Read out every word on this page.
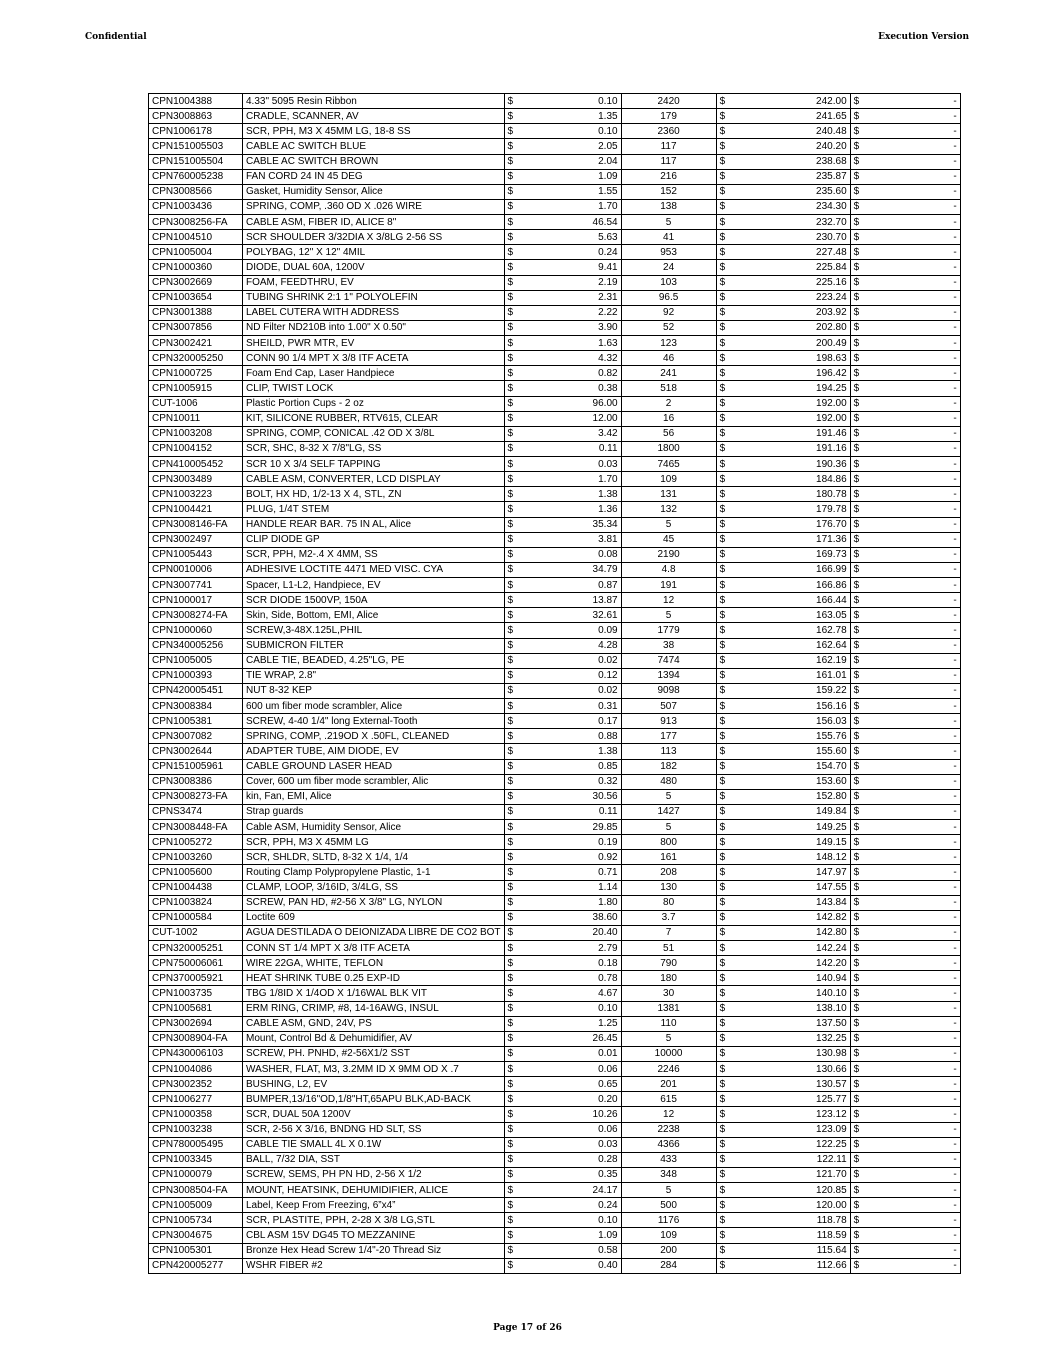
Confidential	Execution Version
CPN1004388	4.33" 5095 Resin Ribbon	$	0.10	2420	$	242.00	$	-
CPN3008863	CRADLE, SCANNER, AV	$	1.35	179	$	241.65	$	-
CPN1006178	SCR, PPH, M3 X 45MM LG, 18-8 SS	$	0.10	2360	$	240.48	$	-
CPN151005503	CABLE AC SWITCH BLUE	$	2.05	117	$	240.20	$	-
CPN151005504	CABLE AC SWITCH BROWN	$	2.04	117	$	238.68	$	-
CPN760005238	FAN CORD 24 IN 45 DEG	$	1.09	216	$	235.87	$	-
CPN3008566	Gasket, Humidity Sensor, Alice	$	1.55	152	$	235.60	$	-
CPN1003436	SPRING, COMP, .360 OD X .026 WIRE	$	1.70	138	$	234.30	$	-
CPN3008256-FA	CABLE ASM, FIBER ID, ALICE 8"	$	46.54	5	$	232.70	$	-
CPN1004510	SCR SHOULDER 3/32DIA X 3/8LG 2-56 SS	$	5.63	41	$	230.70	$	-
CPN1005004	POLYBAG, 12" X 12" 4MIL	$	0.24	953	$	227.48	$	-
CPN1000360	DIODE, DUAL 60A, 1200V	$	9.41	24	$	225.84	$	-
CPN3002669	FOAM, FEEDTHRU, EV	$	2.19	103	$	225.16	$	-
CPN1003654	TUBING SHRINK 2:1 1" POLYOLEFIN	$	2.31	96.5	$	223.24	$	-
CPN3001388	LABEL CUTERA WITH ADDRESS	$	2.22	92	$	203.92	$	-
CPN3007856	ND Filter ND210B into 1.00" X 0.50"	$	3.90	52	$	202.80	$	-
CPN3002421	SHEILD, PWR MTR, EV	$	1.63	123	$	200.49	$	-
CPN320005250	CONN 90 1/4 MPT X 3/8 ITF ACETA	$	4.32	46	$	198.63	$	-
CPN1000725	Foam End Cap, Laser Handpiece	$	0.82	241	$	196.42	$	-
CPN1005915	CLIP, TWIST LOCK	$	0.38	518	$	194.25	$	-
CUT-1006	Plastic Portion Cups - 2 oz	$	96.00	2	$	192.00	$	-
CPN10011	KIT, SILICONE RUBBER, RTV615, CLEAR	$	12.00	16	$	192.00	$	-
CPN1003208	SPRING, COMP, CONICAL .42 OD X 3/8L	$	3.42	56	$	191.46	$	-
CPN1004152	SCR, SHC, 8-32 X 7/8"LG, SS	$	0.11	1800	$	191.16	$	-
CPN410005452	SCR 10 X 3/4 SELF TAPPING	$	0.03	7465	$	190.36	$	-
CPN3003489	CABLE ASM, CONVERTER, LCD DISPLAY	$	1.70	109	$	184.86	$	-
CPN1003223	BOLT, HX HD, 1/2-13 X 4, STL, ZN	$	1.38	131	$	180.78	$	-
CPN1004421	PLUG, 1/4T STEM	$	1.36	132	$	179.78	$	-
CPN3008146-FA	HANDLE REAR BAR. 75 IN AL, Alice	$	35.34	5	$	176.70	$	-
CPN3002497	CLIP DIODE GP	$	3.81	45	$	171.36	$	-
CPN1005443	SCR, PPH, M2-.4 X 4MM, SS	$	0.08	2190	$	169.73	$	-
CPN0010006	ADHESIVE LOCTITE 4471 MED VISC. CYA	$	34.79	4.8	$	166.99	$	-
CPN3007741	Spacer, L1-L2, Handpiece, EV	$	0.87	191	$	166.86	$	-
CPN1000017	SCR DIODE 1500VP, 150A	$	13.87	12	$	166.44	$	-
CPN3008274-FA	Skin, Side, Bottom, EMI, Alice	$	32.61	5	$	163.05	$	-
CPN1000060	SCREW,3-48X.125L,PHIL	$	0.09	1779	$	162.78	$	-
CPN340005256	SUBMICRON FILTER	$	4.28	38	$	162.64	$	-
CPN1005005	CABLE TIE, BEADED, 4.25"LG, PE	$	0.02	7474	$	162.19	$	-
CPN1000393	TIE WRAP, 2.8"	$	0.12	1394	$	161.01	$	-
CPN420005451	NUT 8-32 KEP	$	0.02	9098	$	159.22	$	-
CPN3008384	600 um fiber mode scrambler, Alice	$	0.31	507	$	156.16	$	-
CPN1005381	SCREW, 4-40 1/4" long External-Tooth	$	0.17	913	$	156.03	$	-
CPN3007082	SPRING, COMP, .219OD X .50FL, CLEANED	$	0.88	177	$	155.76	$	-
CPN3002644	ADAPTER TUBE, AIM DIODE, EV	$	1.38	113	$	155.60	$	-
CPN151005961	CABLE GROUND LASER HEAD	$	0.85	182	$	154.70	$	-
CPN3008386	Cover, 600 um fiber mode scrambler, Alic	$	0.32	480	$	153.60	$	-
CPN3008273-FA	kin, Fan, EMI, Alice	$	30.56	5	$	152.80	$	-
CPNS3474	Strap guards	$	0.11	1427	$	149.84	$	-
CPN3008448-FA	Cable ASM, Humidity Sensor, Alice	$	29.85	5	$	149.25	$	-
CPN1005272	SCR, PPH, M3 X 45MM LG	$	0.19	800	$	149.15	$	-
CPN1003260	SCR, SHLDR, SLTD, 8-32 X 1/4, 1/4	$	0.92	161	$	148.12	$	-
CPN1005600	Routing Clamp Polypropylene Plastic, 1-1	$	0.71	208	$	147.97	$	-
CPN1004438	CLAMP, LOOP, 3/16ID, 3/4LG, SS	$	1.14	130	$	147.55	$	-
CPN1003824	SCREW, PAN HD, #2-56 X 3/8" LG, NYLON	$	1.80	80	$	143.84	$	-
CPN1000584	Loctite 609	$	38.60	3.7	$	142.82	$	-
CUT-1002	AGUA DESTILADA O DEIONIZADA LIBRE DE CO2 BOT	$	20.40	7	$	142.80	$	-
CPN320005251	CONN ST 1/4 MPT X 3/8 ITF ACETA	$	2.79	51	$	142.24	$	-
CPN750006061	WIRE 22GA, WHITE, TEFLON	$	0.18	790	$	142.20	$	-
CPN370005921	HEAT SHRINK TUBE 0.25 EXP-ID	$	0.78	180	$	140.94	$	-
CPN1003735	TBG 1/8ID X 1/4OD X 1/16WAL BLK VIT	$	4.67	30	$	140.10	$	-
CPN1005681	ERM RING, CRIMP, #8, 14-16AWG, INSUL	$	0.10	1381	$	138.10	$	-
CPN3002694	CABLE ASM, GND, 24V, PS	$	1.25	110	$	137.50	$	-
CPN3008904-FA	Mount, Control Bd & Dehumidifier, AV	$	26.45	5	$	132.25	$	-
CPN430006103	SCREW, PH. PNHD, #2-56X1/2 SST	$	0.01	10000	$	130.98	$	-
CPN1004086	WASHER, FLAT, M3, 3.2MM ID X 9MM OD X .7	$	0.06	2246	$	130.66	$	-
CPN3002352	BUSHING, L2, EV	$	0.65	201	$	130.57	$	-
CPN1006277	BUMPER,13/16"OD,1/8"HT,65APU BLK,AD-BACK	$	0.20	615	$	125.77	$	-
CPN1000358	SCR, DUAL 50A 1200V	$	10.26	12	$	123.12	$	-
CPN1003238	SCR, 2-56 X 3/16, BNDNG HD SLT, SS	$	0.06	2238	$	123.09	$	-
CPN780005495	CABLE TIE SMALL 4L X 0.1W	$	0.03	4366	$	122.25	$	-
CPN1003345	BALL, 7/32 DIA, SST	$	0.28	433	$	122.11	$	-
CPN1000079	SCREW, SEMS, PH PN HD, 2-56 X 1/2	$	0.35	348	$	121.70	$	-
CPN3008504-FA	MOUNT, HEATSINK, DEHUMIDIFIER, ALICE	$	24.17	5	$	120.85	$	-
CPN1005009	Label, Keep From Freezing, 6”x4”	$	0.24	500	$	120.00	$	-
CPN1005734	SCR, PLASTITE, PPH, 2-28 X 3/8 LG,STL	$	0.10	1176	$	118.78	$	-
CPN3004675	CBL ASM 15V DG45 TO MEZZANINE	$	1.09	109	$	118.59	$	-
CPN1005301	Bronze Hex Head Screw 1/4"-20 Thread Siz	$	0.58	200	$	115.64	$	-
CPN420005277	WSHR FIBER #2	$	0.40	284	$	112.66	$	-
Page 17 of 26
